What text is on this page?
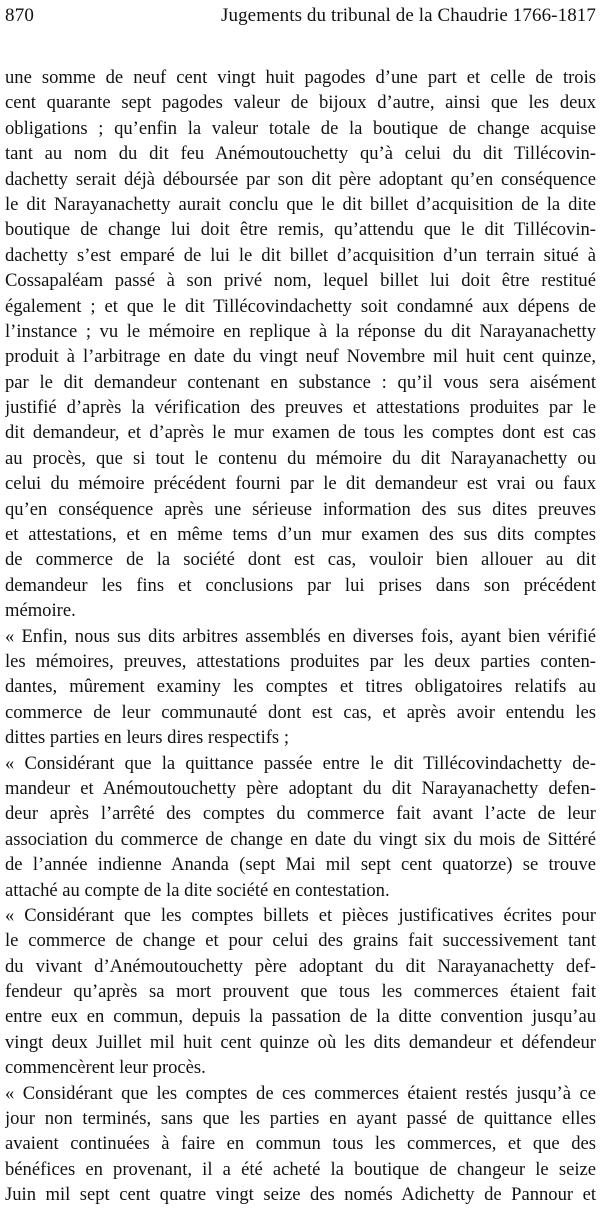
870	Jugements du tribunal de la Chaudrie 1766-1817
une somme de neuf cent vingt huit pagodes d’une part et celle de trois
cent quarante sept pagodes valeur de bijoux d’autre, ainsi que les deux
obligations ; qu’enfin la valeur totale de la boutique de change acquise
tant au nom du dit feu Anémoutouchetty qu’à celui du dit Tillécovin-
dachetty serait déjà déboursée par son dit père adoptant qu’en conséquence
le dit Narayanachetty aurait conclu que le dit billet d’acquisition de la dite
boutique de change lui doit être remis, qu’attendu que le dit Tillécovin-
dachetty s’est emparé de lui le dit billet d’acquisition d’un terrain situé à
Cossapaléam passé à son privé nom, lequel billet lui doit être restitué
également ; et que le dit Tillécovindachetty soit condamné aux dépens de
l’instance ; vu le mémoire en replique à la réponse du dit Narayanachetty
produit à l’arbitrage en date du vingt neuf Novembre mil huit cent quinze,
par le dit demandeur contenant en substance : qu’il vous sera aisément
justifié d’après la vérification des preuves et attestations produites par le
dit demandeur, et d’après le mur examen de tous les comptes dont est cas
au procès, que si tout le contenu du mémoire du dit Narayanachetty ou
celui du mémoire précédent fourni par le dit demandeur est vrai ou faux
qu’en conséquence après une sérieuse information des sus dites preuves
et attestations, et en même tems d’un mur examen des sus dits comptes
de commerce de la société dont est cas, vouloir bien allouer au dit
demandeur les fins et conclusions par lui prises dans son précédent
mémoire.
« Enfin, nous sus dits arbitres assemblés en diverses fois, ayant bien vérifié
les mémoires, preuves, attestations produites par les deux parties conten-
dantes, mûrement examiny les comptes et titres obligatoires relatifs au
commerce de leur communauté dont est cas, et après avoir entendu les
dittes parties en leurs dires respectifs ;
« Considérant que la quittance passée entre le dit Tillécovindachetty de-
mandeur et Anémoutouchetty père adoptant du dit Narayanachetty defen-
deur après l’arrêté des comptes du commerce fait avant l’acte de leur
association du commerce de change en date du vingt six du mois de Sittéré
de l’année indienne Ananda (sept Mai mil sept cent quatorze) se trouve
attaché au compte de la dite société en contestation.
« Considérant que les comptes billets et pièces justificatives écrites pour
le commerce de change et pour celui des grains fait successivement tant
du vivant d’Anémoutouchetty père adoptant du dit Narayanachetty def-
fendeur qu’après sa mort prouvent que tous les commerces étaient fait
entre eux en commun, depuis la passation de la ditte convention jusqu’au
vingt deux Juillet mil huit cent quinze où les dits demandeur et défendeur
commencèrent leur procès.
« Considérant que les comptes de ces commerces étaient restés jusqu’à ce
jour non terminés, sans que les parties en ayant passé de quittance elles
avaient continuées à faire en commun tous les commerces, et que des
bénéfices en provenant, il a été acheté la boutique de changeur le seize
Juin mil sept cent quatre vingt seize des només Adichetty de Pannour et
